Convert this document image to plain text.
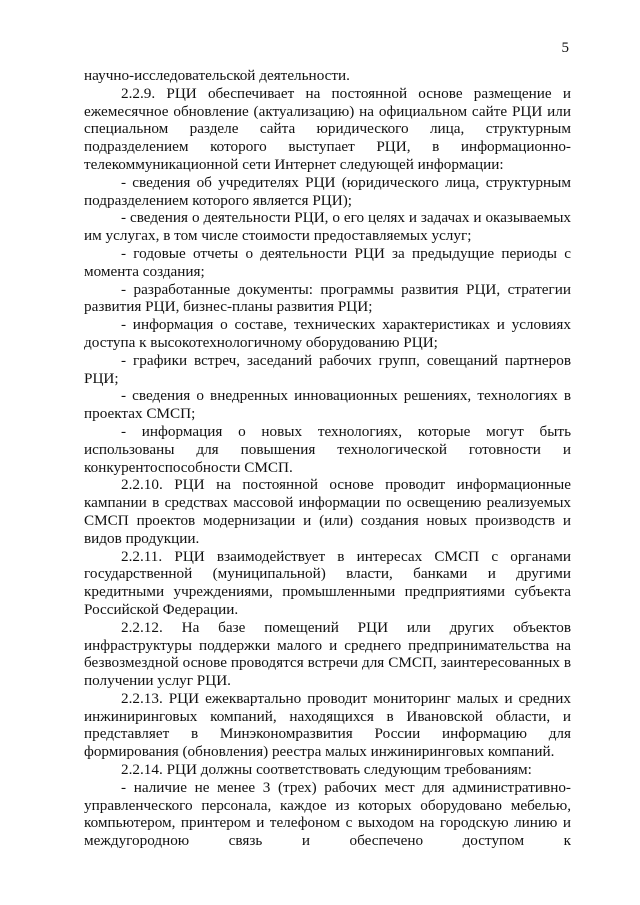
5

научно-исследовательской деятельности.

2.2.9. РЦИ обеспечивает на постоянной основе размещение и ежемесячное обновление (актуализацию) на официальном сайте РЦИ или специальном разделе сайта юридического лица, структурным подразделением которого выступает РЦИ, в информационно-телекоммуникационной сети Интернет следующей информации:

- сведения об учредителях РЦИ (юридического лица, структурным подразделением которого является РЦИ);

- сведения о деятельности РЦИ, о его целях и задачах и оказываемых им услугах, в том числе стоимости предоставляемых услуг;

- годовые отчеты о деятельности РЦИ за предыдущие периоды с момента создания;

- разработанные документы: программы развития РЦИ, стратегии развития РЦИ, бизнес-планы развития РЦИ;

- информация о составе, технических характеристиках и условиях доступа к высокотехнологичному оборудованию РЦИ;

- графики встреч, заседаний рабочих групп, совещаний партнеров РЦИ;

- сведения о внедренных инновационных решениях, технологиях в проектах СМСП;

- информация о новых технологиях, которые могут быть использованы для повышения технологической готовности и конкурентоспособности СМСП.

2.2.10. РЦИ на постоянной основе проводит информационные кампании в средствах массовой информации по освещению реализуемых СМСП проектов модернизации и (или) создания новых производств и видов продукции.

2.2.11. РЦИ взаимодействует в интересах СМСП с органами государственной (муниципальной) власти, банками и другими кредитными учреждениями, промышленными предприятиями субъекта Российской Федерации.

2.2.12. На базе помещений РЦИ или других объектов инфраструктуры поддержки малого и среднего предпринимательства на безвозмездной основе проводятся встречи для СМСП, заинтересованных в получении услуг РЦИ.

2.2.13. РЦИ ежеквартально проводит мониторинг малых и средних инжиниринговых компаний, находящихся в Ивановской области, и представляет в Минэкономразвития России информацию для формирования (обновления) реестра малых инжиниринговых компаний.

2.2.14. РЦИ должны соответствовать следующим требованиям:

- наличие не менее 3 (трех) рабочих мест для административно-управленческого персонала, каждое из которых оборудовано мебелью, компьютером, принтером и телефоном с выходом на городскую линию и междугородною связь и обеспечено доступом к
